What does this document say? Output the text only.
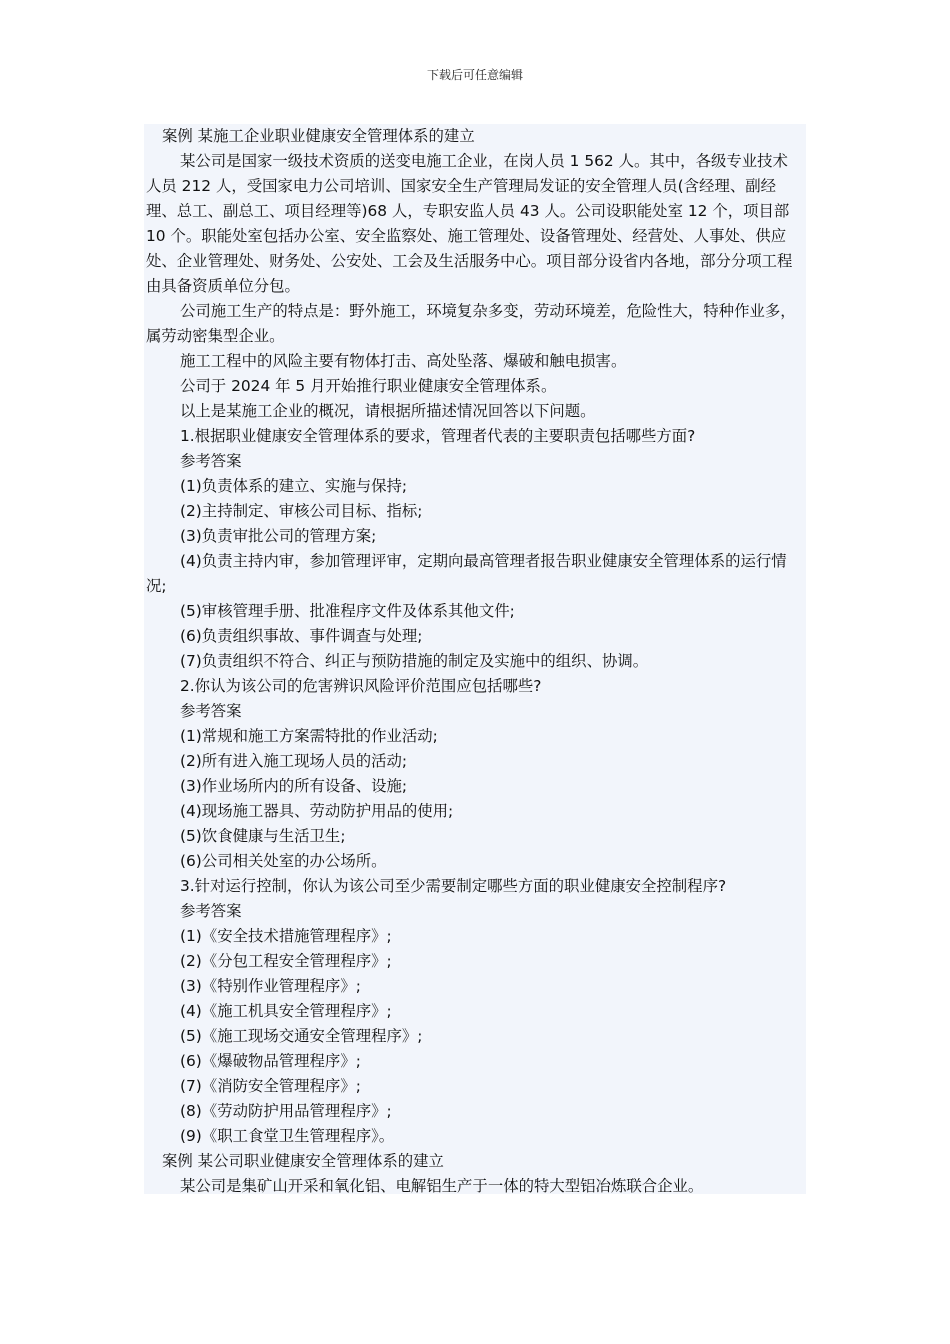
下载后可任意编辑

案例 某施工企业职业健康安全管理体系的建立

某公司是国家一级技术资质的送变电施工企业，在岗人员 1 562 人。其中，各级专业技术人员 212 人，受国家电力公司培训、国家安全生产管理局发证的安全管理人员(含经理、副经理、总工、副总工、项目经理等)68 人，专职安监人员 43 人。公司设职能处室 12 个，项目部 10 个。职能处室包括办公室、安全监察处、施工管理处、设备管理处、经营处、人事处、供应处、企业管理处、财务处、公安处、工会及生活服务中心。项目部分设省内各地，部分分项工程由具备资质单位分包。

公司施工生产的特点是：野外施工，环境复杂多变，劳动环境差，危险性大，特种作业多，属劳动密集型企业。

施工工程中的风险主要有物体打击、高处坠落、爆破和触电损害。

公司于 2024 年 5 月开始推行职业健康安全管理体系。

以上是某施工企业的概况，请根据所描述情况回答以下问题。

1.根据职业健康安全管理体系的要求，管理者代表的主要职责包括哪些方面?

参考答案

(1)负责体系的建立、实施与保持;

(2)主持制定、审核公司目标、指标;

(3)负责审批公司的管理方案;

(4)负责主持内审，参加管理评审，定期向最高管理者报告职业健康安全管理体系的运行情况;

(5)审核管理手册、批准程序文件及体系其他文件;

(6)负责组织事故、事件调查与处理;

(7)负责组织不符合、纠正与预防措施的制定及实施中的组织、协调。

2.你认为该公司的危害辨识风险评价范围应包括哪些?

参考答案

(1)常规和施工方案需特批的作业活动;

(2)所有进入施工现场人员的活动;

(3)作业场所内的所有设备、设施;

(4)现场施工器具、劳动防护用品的使用;

(5)饮食健康与生活卫生;

(6)公司相关处室的办公场所。

3.针对运行控制，你认为该公司至少需要制定哪些方面的职业健康安全控制程序?

参考答案

(1)《安全技术措施管理程序》;

(2)《分包工程安全管理程序》;

(3)《特别作业管理程序》;

(4)《施工机具安全管理程序》;

(5)《施工现场交通安全管理程序》;

(6)《爆破物品管理程序》;

(7)《消防安全管理程序》;

(8)《劳动防护用品管理程序》;

(9)《职工食堂卫生管理程序》。

案例 某公司职业健康安全管理体系的建立

某公司是集矿山开采和氧化铝、电解铝生产于一体的特大型铝冶炼联合企业。
